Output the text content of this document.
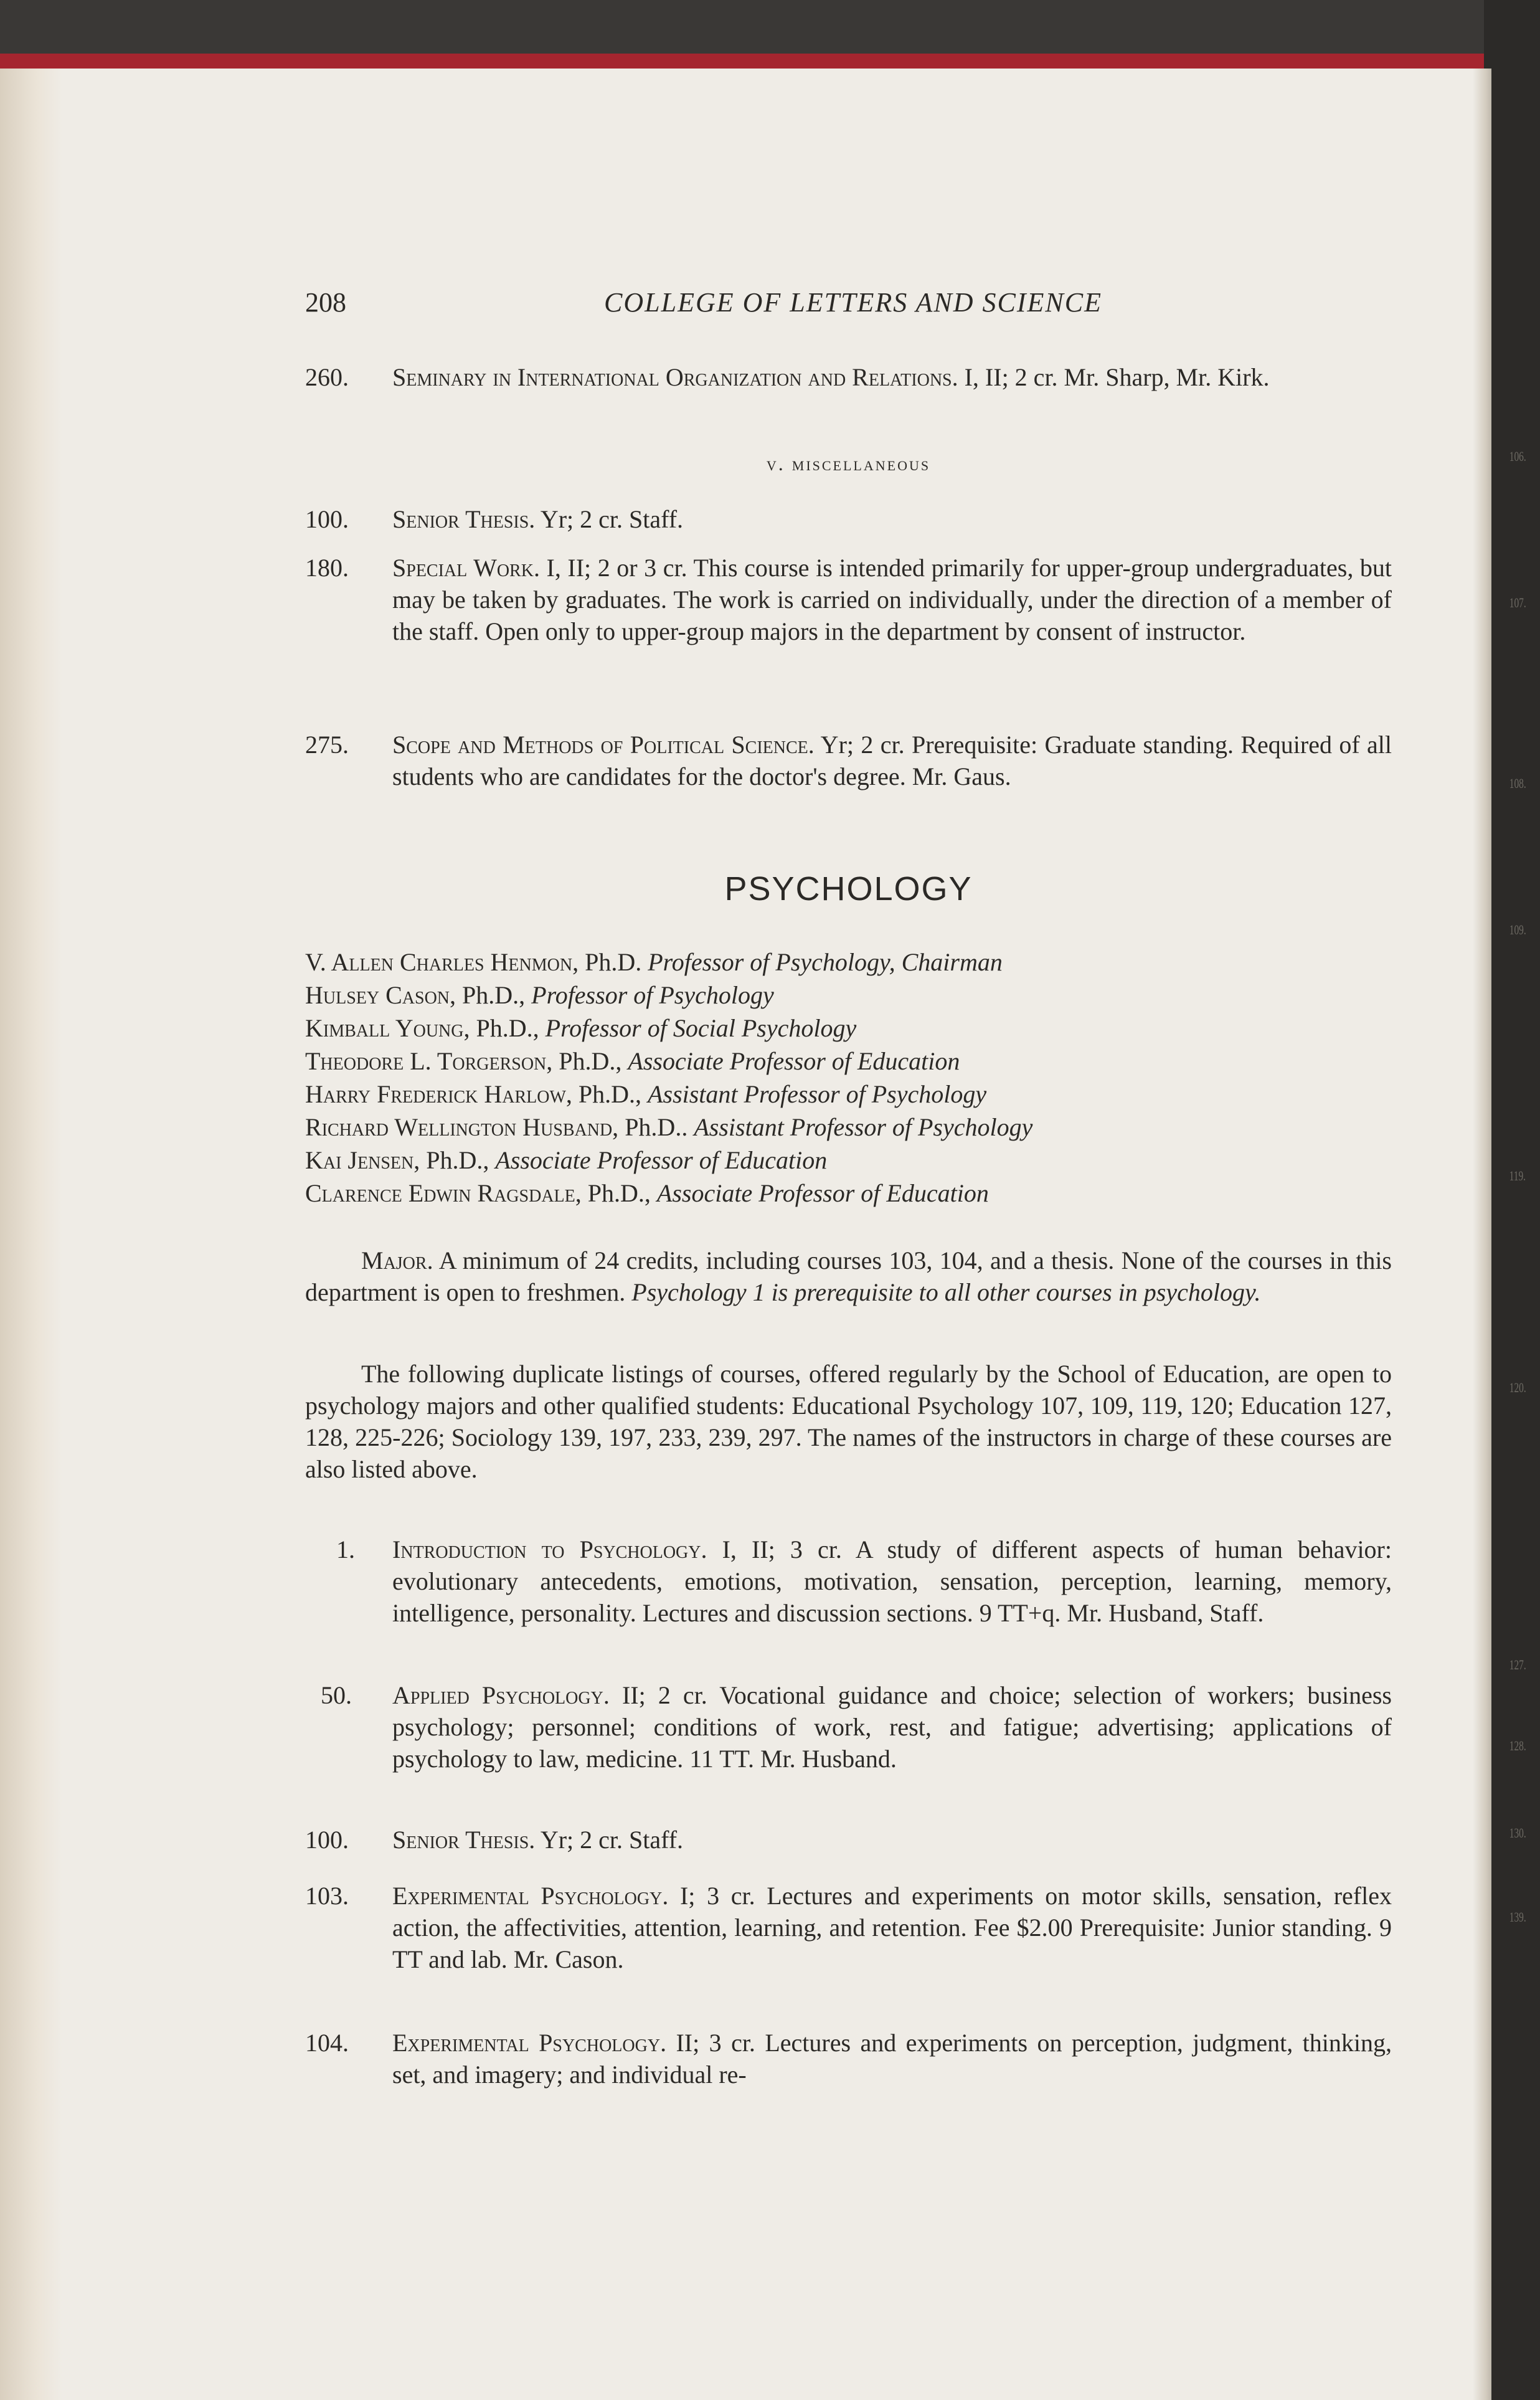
208	COLLEGE OF LETTERS AND SCIENCE
260.	Seminary in International Organization and Relations. I, II; 2 cr. Mr. Sharp, Mr. Kirk.
v. miscellaneous
100.	Senior Thesis. Yr; 2 cr. Staff.
180.	Special Work. I, II; 2 or 3 cr. This course is intended primarily for upper-group undergraduates, but may be taken by graduates. The work is carried on individually, under the direction of a member of the staff. Open only to upper-group majors in the department by consent of instructor.
275.	Scope and Methods of Political Science. Yr; 2 cr. Prerequisite: Graduate standing. Required of all students who are candidates for the doctor's degree. Mr. Gaus.
PSYCHOLOGY
V. Allen Charles Henmon, Ph.D. Professor of Psychology, Chairman
Hulsey Cason, Ph.D., Professor of Psychology
Kimball Young, Ph.D., Professor of Social Psychology
Theodore L. Torgerson, Ph.D., Associate Professor of Education
Harry Frederick Harlow, Ph.D., Assistant Professor of Psychology
Richard Wellington Husband, Ph.D.. Assistant Professor of Psychology
Kai Jensen, Ph.D., Associate Professor of Education
Clarence Edwin Ragsdale, Ph.D., Associate Professor of Education
Major. A minimum of 24 credits, including courses 103, 104, and a thesis. None of the courses in this department is open to freshmen. Psychology 1 is prerequisite to all other courses in psychology.
The following duplicate listings of courses, offered regularly by the School of Education, are open to psychology majors and other qualified students: Educational Psychology 107, 109, 119, 120; Education 127, 128, 225-226; Sociology 139, 197, 233, 239, 297. The names of the instructors in charge of these courses are also listed above.
1.	Introduction to Psychology. I, II; 3 cr. A study of different aspects of human behavior: evolutionary antecedents, emotions, motivation, sensation, perception, learning, memory, intelligence, personality. Lectures and discussion sections. 9 TT+q. Mr. Husband, Staff.
50.	Applied Psychology. II; 2 cr. Vocational guidance and choice; selection of workers; business psychology; personnel; conditions of work, rest, and fatigue; advertising; applications of psychology to law, medicine. 11 TT. Mr. Husband.
100.	Senior Thesis. Yr; 2 cr. Staff.
103.	Experimental Psychology. I; 3 cr. Lectures and experiments on motor skills, sensation, reflex action, the affectivities, attention, learning, and retention. Fee $2.00 Prerequisite: Junior standing. 9 TT and lab. Mr. Cason.
104.	Experimental Psychology. II; 3 cr. Lectures and experiments on perception, judgment, thinking, set, and imagery; and individual re-
106.
107.
108.
109.
119.
120.
127.
128.
130.
139.
